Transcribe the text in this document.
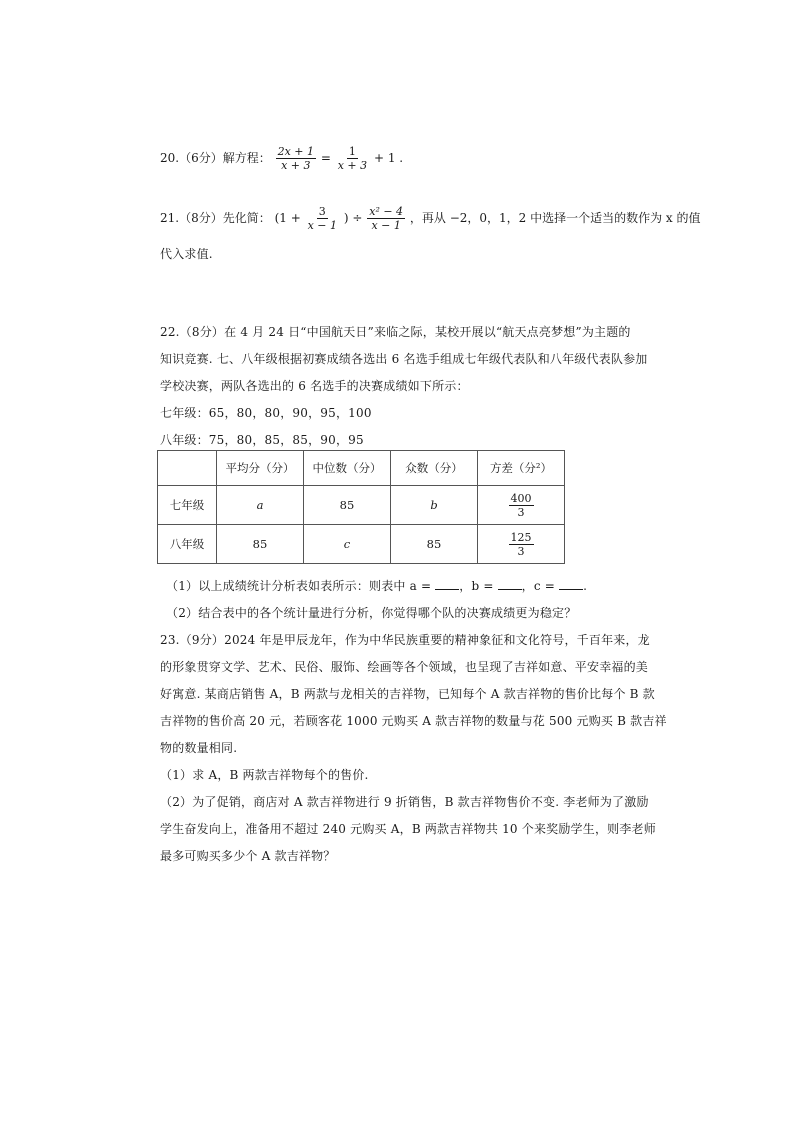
20.（6分）解方程： $\frac{2x + 1}{x + 3} = \frac{1}{x + 3} + 1$ .
21.（8分）先化简： ($1 + \frac{3}{x - 1}$ ) ÷ $\frac{\text{x² − 4}}{x - 1}$ ，再从 −2，0，1，2 中选择一个适当的数作为 x 的值
代入求值.
22.（8分）在 4 月 24 日“中国航天日”来临之际，某校开展以“航天点亮梦想”为主题的
知识竞赛. 七、八年级根据初赛成绩各选出 6 名选手组成七年级代表队和八年级代表队参加
学校决赛，两队各选出的 6 名选手的决赛成绩如下所示：
七年级：65，80，80，90，95，100
八年级：75，80，85，85，90，95
	平均分（分）	中位数（分）	众数（分）	方差（分²）
七年级	a	85	b	$\frac{400}{3}$

八年级	85	c	85	$\frac{125}{3}$
（1）以上成绩统计分析表如表所示：则表中 a = ，b = ，c = .
（2）结合表中的各个统计量进行分析，你觉得哪个队的决赛成绩更为稳定？
23.（9分）2024 年是甲辰龙年，作为中华民族重要的精神象征和文化符号，千百年来，龙
的形象贯穿文学、艺术、民俗、服饰、绘画等各个领域，也呈现了吉祥如意、平安幸福的美
好寓意. 某商店销售 A，B 两款与龙相关的吉祥物，已知每个 A 款吉祥物的售价比每个 B 款
吉祥物的售价高 20 元，若顾客花 1000 元购买 A 款吉祥物的数量与花 500 元购买 B 款吉祥
物的数量相同.
（1）求 A，B 两款吉祥物每个的售价.
（2）为了促销，商店对 A 款吉祥物进行 9 折销售，B 款吉祥物售价不变. 李老师为了激励
学生奋发向上，准备用不超过 240 元购买 A，B 两款吉祥物共 10 个来奖励学生，则李老师
最多可购买多少个 A 款吉祥物？
